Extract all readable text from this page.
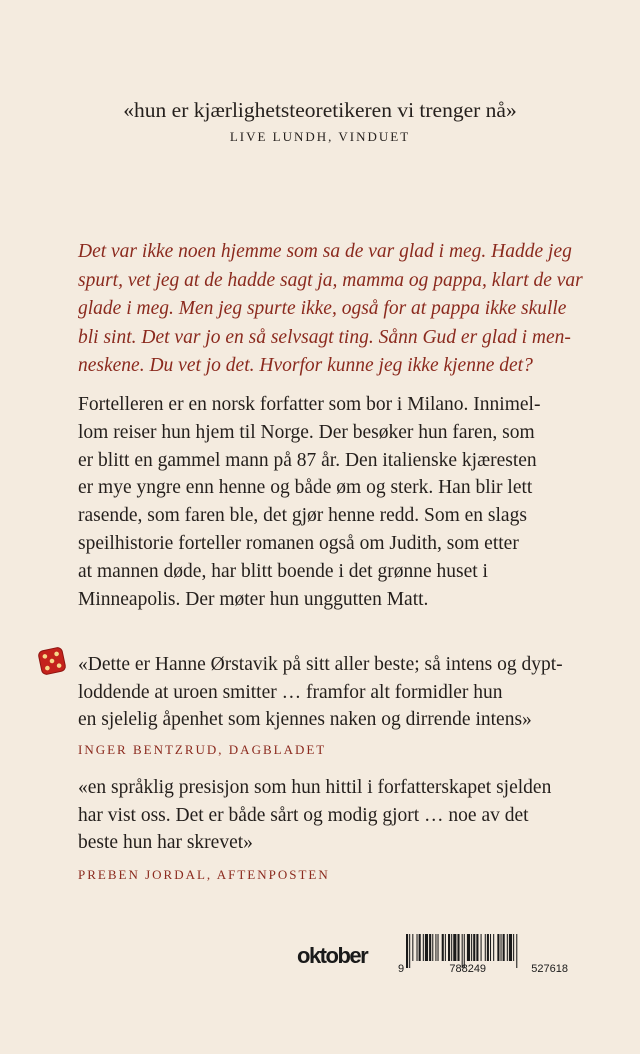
«hun er kjærlighetsteoretikeren vi trenger nå»
LIVE LUNDH, VINDUET
Det var ikke noen hjemme som sa de var glad i meg. Hadde jeg
spurt, vet jeg at de hadde sagt ja, mamma og pappa, klart de var
glade i meg. Men jeg spurte ikke, også for at pappa ikke skulle
bli sint. Det var jo en så selvsagt ting. Sånn Gud er glad i men-
neskene. Du vet jo det. Hvorfor kunne jeg ikke kjenne det?
Fortelleren er en norsk forfatter som bor i Milano. Innimel-
lom reiser hun hjem til Norge. Der besøker hun faren, som
er blitt en gammel mann på 87 år. Den italienske kjæresten
er mye yngre enn henne og både øm og sterk. Han blir lett
rasende, som faren ble, det gjør henne redd. Som en slags
speilhistorie forteller romanen også om Judith, som etter
at mannen døde, har blitt boende i det grønne huset i
Minneapolis. Der møter hun unggutten Matt.
«Dette er Hanne Ørstavik på sitt aller beste; så intens og dypt-
loddende at uroen smitter … framfor alt formidler hun
en sjelelig åpenhet som kjennes naken og dirrende intens»
INGER BENTZRUD, DAGBLADET
«en språklig presisjon som hun hittil i forfatterskapet sjelden
har vist oss. Det er både sårt og modig gjort … noe av det
beste hun har skrevet»
PREBEN JORDAL, AFTENPOSTEN
oktober
9	788249	527618
